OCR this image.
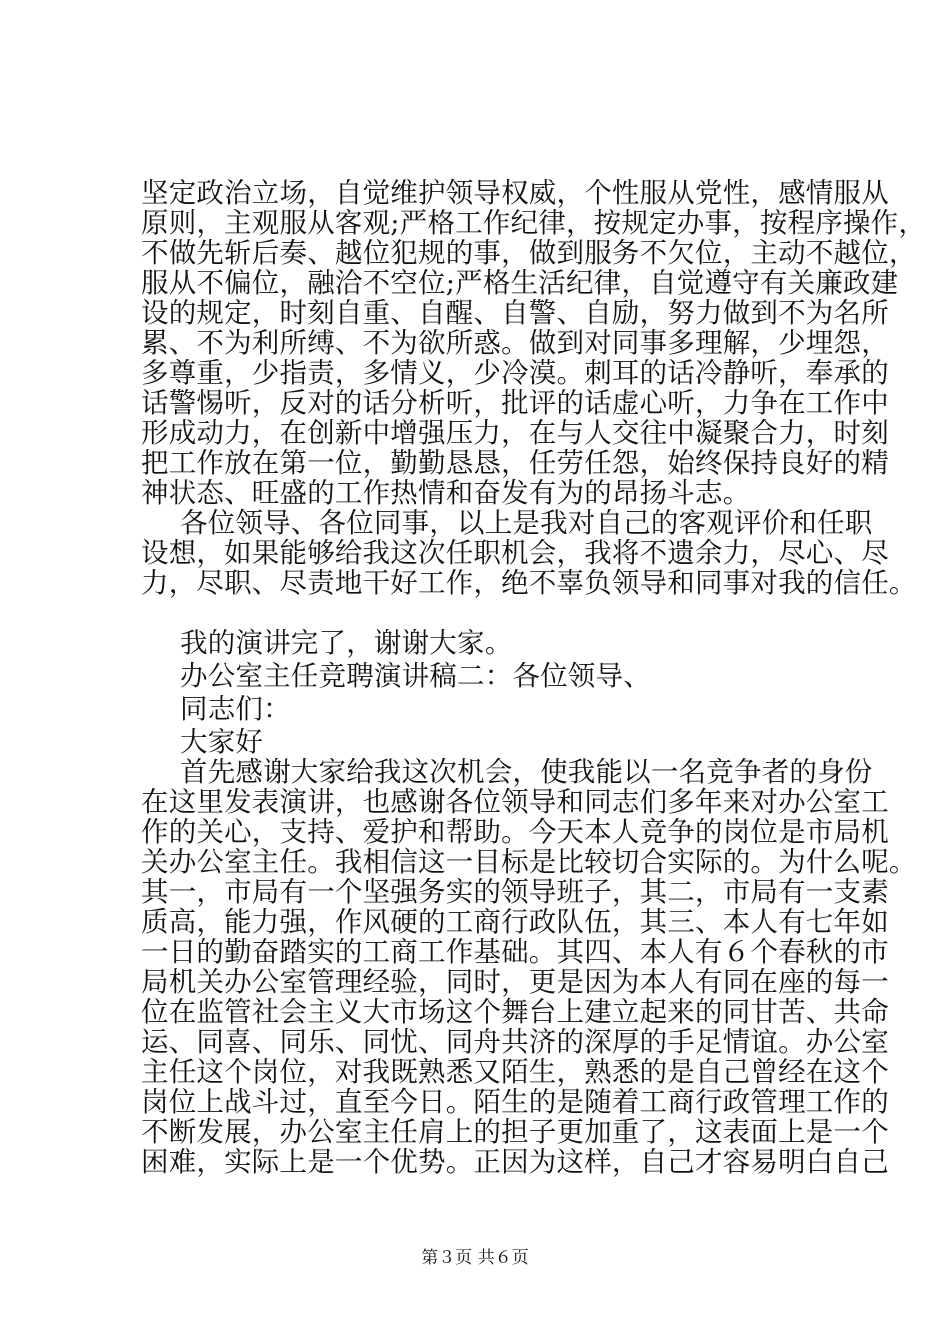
坚定政治立场，自觉维护领导权威，个性服从党性，感情服从
原则，主观服从客观;严格工作纪律，按规定办事，按程序操作，
不做先斩后奏、越位犯规的事，做到服务不欠位，主动不越位，
服从不偏位，融洽不空位;严格生活纪律，自觉遵守有关廉政建
设的规定，时刻自重、自醒、自警、自励，努力做到不为名所
累、不为利所缚、不为欲所惑。做到对同事多理解，少埋怨，
多尊重，少指责，多情义，少冷漠。刺耳的话冷静听，奉承的
话警惕听，反对的话分析听，批评的话虚心听，力争在工作中
形成动力，在创新中增强压力，在与人交往中凝聚合力，时刻
把工作放在第一位，勤勤恳恳，任劳任怨，始终保持良好的精
神状态、旺盛的工作热情和奋发有为的昂扬斗志。
各位领导、各位同事，以上是我对自己的客观评价和任职
设想，如果能够给我这次任职机会，我将不遗余力，尽心、尽
力，尽职、尽责地干好工作，绝不辜负领导和同事对我的信任。
我的演讲完了，谢谢大家。
办公室主任竞聘演讲稿二：各位领导、
同志们：
大家好
首先感谢大家给我这次机会，使我能以一名竞争者的身份
在这里发表演讲，也感谢各位领导和同志们多年来对办公室工
作的关心，支持、爱护和帮助。今天本人竞争的岗位是市局机
关办公室主任。我相信这一目标是比较切合实际的。为什么呢。
其一，市局有一个坚强务实的领导班子，其二，市局有一支素
质高，能力强，作风硬的工商行政队伍，其三、本人有七年如
一日的勤奋踏实的工商工作基础。其四、本人有６个春秋的市
局机关办公室管理经验，同时，更是因为本人有同在座的每一
位在监管社会主义大市场这个舞台上建立起来的同甘苦、共命
运、同喜、同乐、同忧、同舟共济的深厚的手足情谊。办公室
主任这个岗位，对我既熟悉又陌生，熟悉的是自己曾经在这个
岗位上战斗过，直至今日。陌生的是随着工商行政管理工作的
不断发展，办公室主任肩上的担子更加重了，这表面上是一个
困难，实际上是一个优势。正因为这样，自己才容易明白自己
第３页 共６页
